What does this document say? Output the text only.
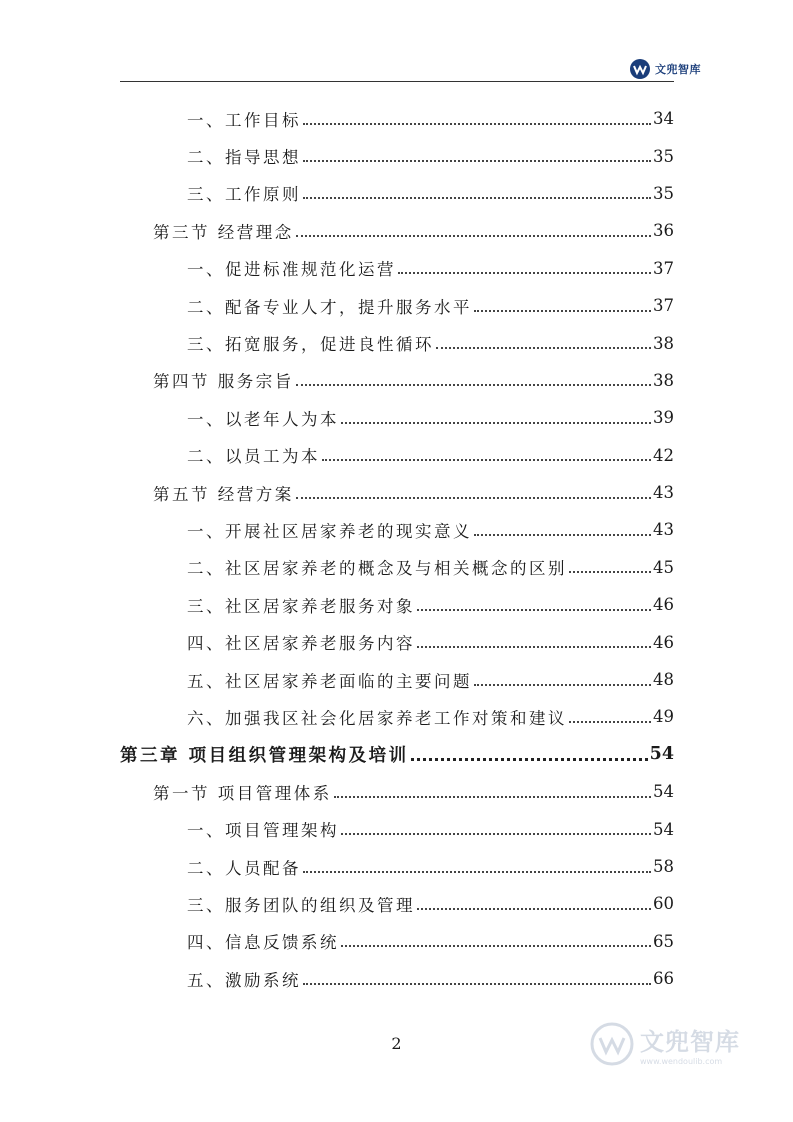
文兜智库
一、工作目标	34
二、指导思想	35
三、工作原则	35
第三节 经营理念	36
一、促进标准规范化运营	37
二、配备专业人才，提升服务水平	37
三、拓宽服务，促进良性循环	38
第四节 服务宗旨	38
一、以老年人为本	39
二、以员工为本	42
第五节 经营方案	43
一、开展社区居家养老的现实意义	43
二、社区居家养老的概念及与相关概念的区别	45
三、社区居家养老服务对象	46
四、社区居家养老服务内容	46
五、社区居家养老面临的主要问题	48
六、加强我区社会化居家养老工作对策和建议	49
第三章 项目组织管理架构及培训	54
第一节 项目管理体系	54
一、项目管理架构	54
二、人员配备	58
三、服务团队的组织及管理	60
四、信息反馈系统	65
五、激励系统	66
2	文兜智库
www.wendoulib.com
